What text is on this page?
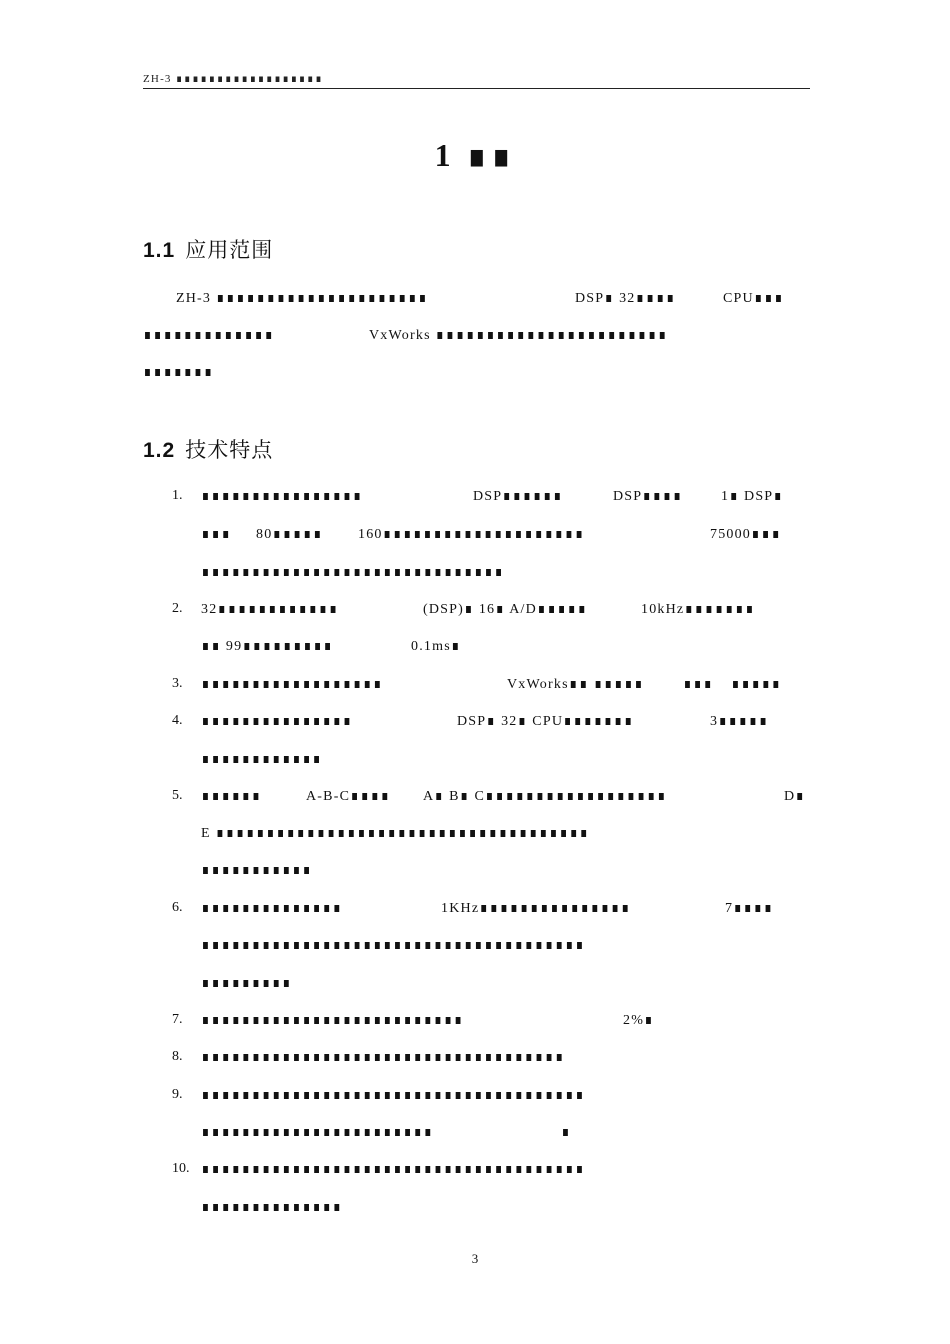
ZH-3 ∎∎∎∎∎∎∎∎∎∎∎∎∎∎∎∎∎∎
1 ∎∎
1.1 应用范围
ZH-3 ∎∎∎∎∎∎∎∎∎∎∎∎∎∎∎∎∎∎∎∎∎	DSP∎ 32∎∎∎∎	CPU∎∎∎
∎∎∎∎∎∎∎∎∎∎∎∎∎	VxWorks ∎∎∎∎∎∎∎∎∎∎∎∎∎∎∎∎∎∎∎∎∎∎∎
∎∎∎∎∎∎∎
1.2 技术特点
1. ∎∎∎∎∎∎∎∎∎∎∎∎∎∎∎∎	DSP∎∎∎∎∎∎	DSP∎∎∎∎	1∎ DSP∎
∎∎∎ 80∎∎∎∎∎	160∎∎∎∎∎∎∎∎∎∎∎∎∎∎∎∎∎∎∎∎	75000∎∎∎
∎∎∎∎∎∎∎∎∎∎∎∎∎∎∎∎∎∎∎∎∎∎∎∎∎∎∎∎∎∎
2. 32∎∎∎∎∎∎∎∎∎∎∎∎	(DSP)∎ 16∎ A/D∎∎∎∎∎	10kHz∎∎∎∎∎∎∎
∎∎ 99∎∎∎∎∎∎∎∎∎	0.1ms∎
3. ∎∎∎∎∎∎∎∎∎∎∎∎∎∎∎∎∎∎	VxWorks∎∎ ∎∎∎∎∎	∎∎∎ ∎∎∎∎∎
4. ∎∎∎∎∎∎∎∎∎∎∎∎∎∎∎	DSP∎ 32∎ CPU∎∎∎∎∎∎∎	3∎∎∎∎∎
∎∎∎∎∎∎∎∎∎∎∎∎
5. ∎∎∎∎∎∎	A-B-C∎∎∎∎ A∎ B∎ C∎∎∎∎∎∎∎∎∎∎∎∎∎∎∎∎∎∎	D∎
E ∎∎∎∎∎∎∎∎∎∎∎∎∎∎∎∎∎∎∎∎∎∎∎∎∎∎∎∎∎∎∎∎∎∎∎∎∎
∎∎∎∎∎∎∎∎∎∎∎
6. ∎∎∎∎∎∎∎∎∎∎∎∎∎∎	1KHz∎∎∎∎∎∎∎∎∎∎∎∎∎∎∎	7∎∎∎∎
∎∎∎∎∎∎∎∎∎∎∎∎∎∎∎∎∎∎∎∎∎∎∎∎∎∎∎∎∎∎∎∎∎∎∎∎∎∎
∎∎∎∎∎∎∎∎∎
7. ∎∎∎∎∎∎∎∎∎∎∎∎∎∎∎∎∎∎∎∎∎∎∎∎∎∎	2%∎
8. ∎∎∎∎∎∎∎∎∎∎∎∎∎∎∎∎∎∎∎∎∎∎∎∎∎∎∎∎∎∎∎∎∎∎∎∎
9. ∎∎∎∎∎∎∎∎∎∎∎∎∎∎∎∎∎∎∎∎∎∎∎∎∎∎∎∎∎∎∎∎∎∎∎∎∎∎
∎∎∎∎∎∎∎∎∎∎∎∎∎∎∎∎∎∎∎∎∎∎∎	∎
10. ∎∎∎∎∎∎∎∎∎∎∎∎∎∎∎∎∎∎∎∎∎∎∎∎∎∎∎∎∎∎∎∎∎∎∎∎∎∎
∎∎∎∎∎∎∎∎∎∎∎∎∎∎
3
